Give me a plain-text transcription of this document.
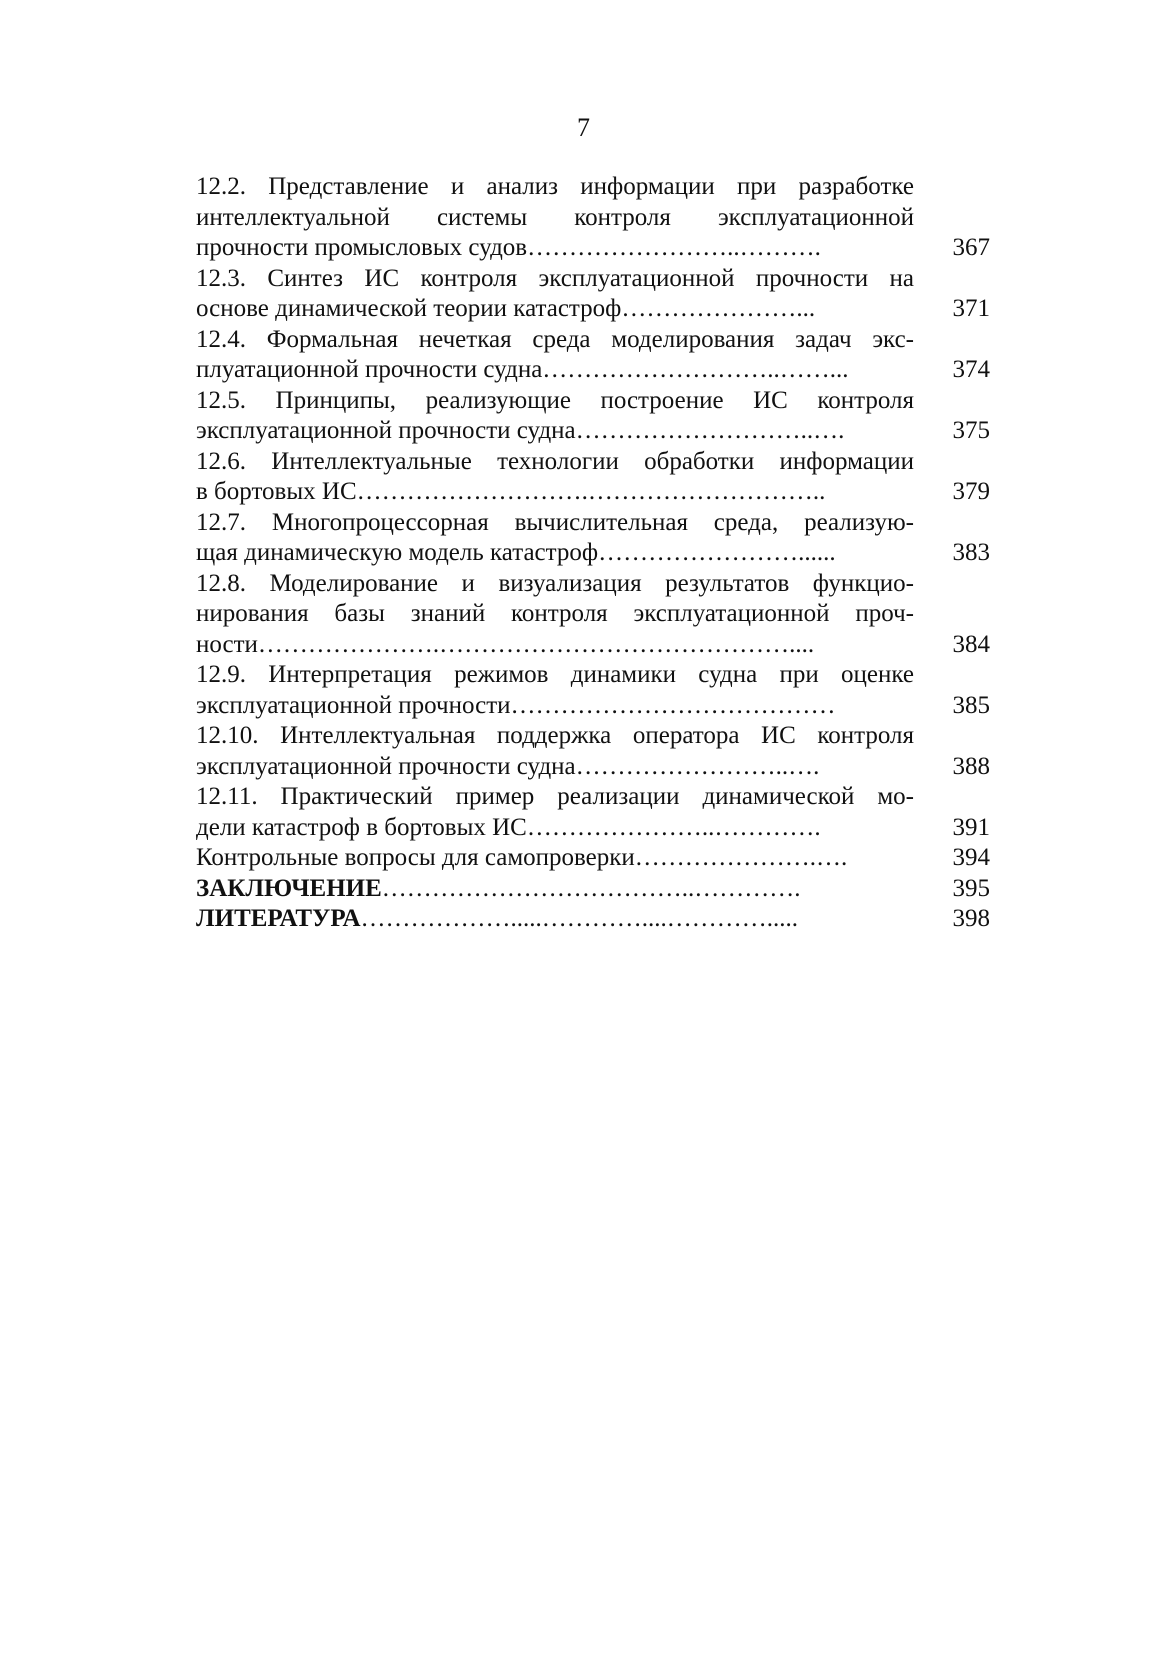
7
12.2. Представление и анализ информации при разработке
интеллектуальной системы контроля эксплуатационной
прочности промысловых судов……………………..……….	367
12.3. Синтез ИС контроля эксплуатационной прочности на
основе динамической теории катастроф…………………...	371
12.4. Формальная нечеткая среда моделирования задач экс-
плуатационной прочности судна………………………..……...	374
12.5. Принципы, реализующие построение ИС контроля
эксплуатационной прочности судна………………………..….	375
12.6. Интеллектуальные технологии обработки информации
в бортовых ИС……………………….………………………..	379
12.7. Многопроцессорная вычислительная среда, реализую-
щая динамическую модель катастроф……………………......	383
12.8. Моделирование и визуализация результатов функцио-
нирования базы знаний контроля эксплуатационной проч-
ности………………….……………………………………....	384
12.9. Интерпретация режимов динамики судна при оценке
эксплуатационной прочности…………………………………	385
12.10. Интеллектуальная поддержка оператора ИС контроля
эксплуатационной прочности судна……………………..….	388
12.11. Практический пример реализации динамической мо-
дели катастроф в бортовых ИС…………………..………….	391
Контрольные вопросы для самопроверки………………….….	394
ЗАКЛЮЧЕНИЕ………………………………..………….	395
ЛИТЕРАТУРА……………….....…………....………….....	398
